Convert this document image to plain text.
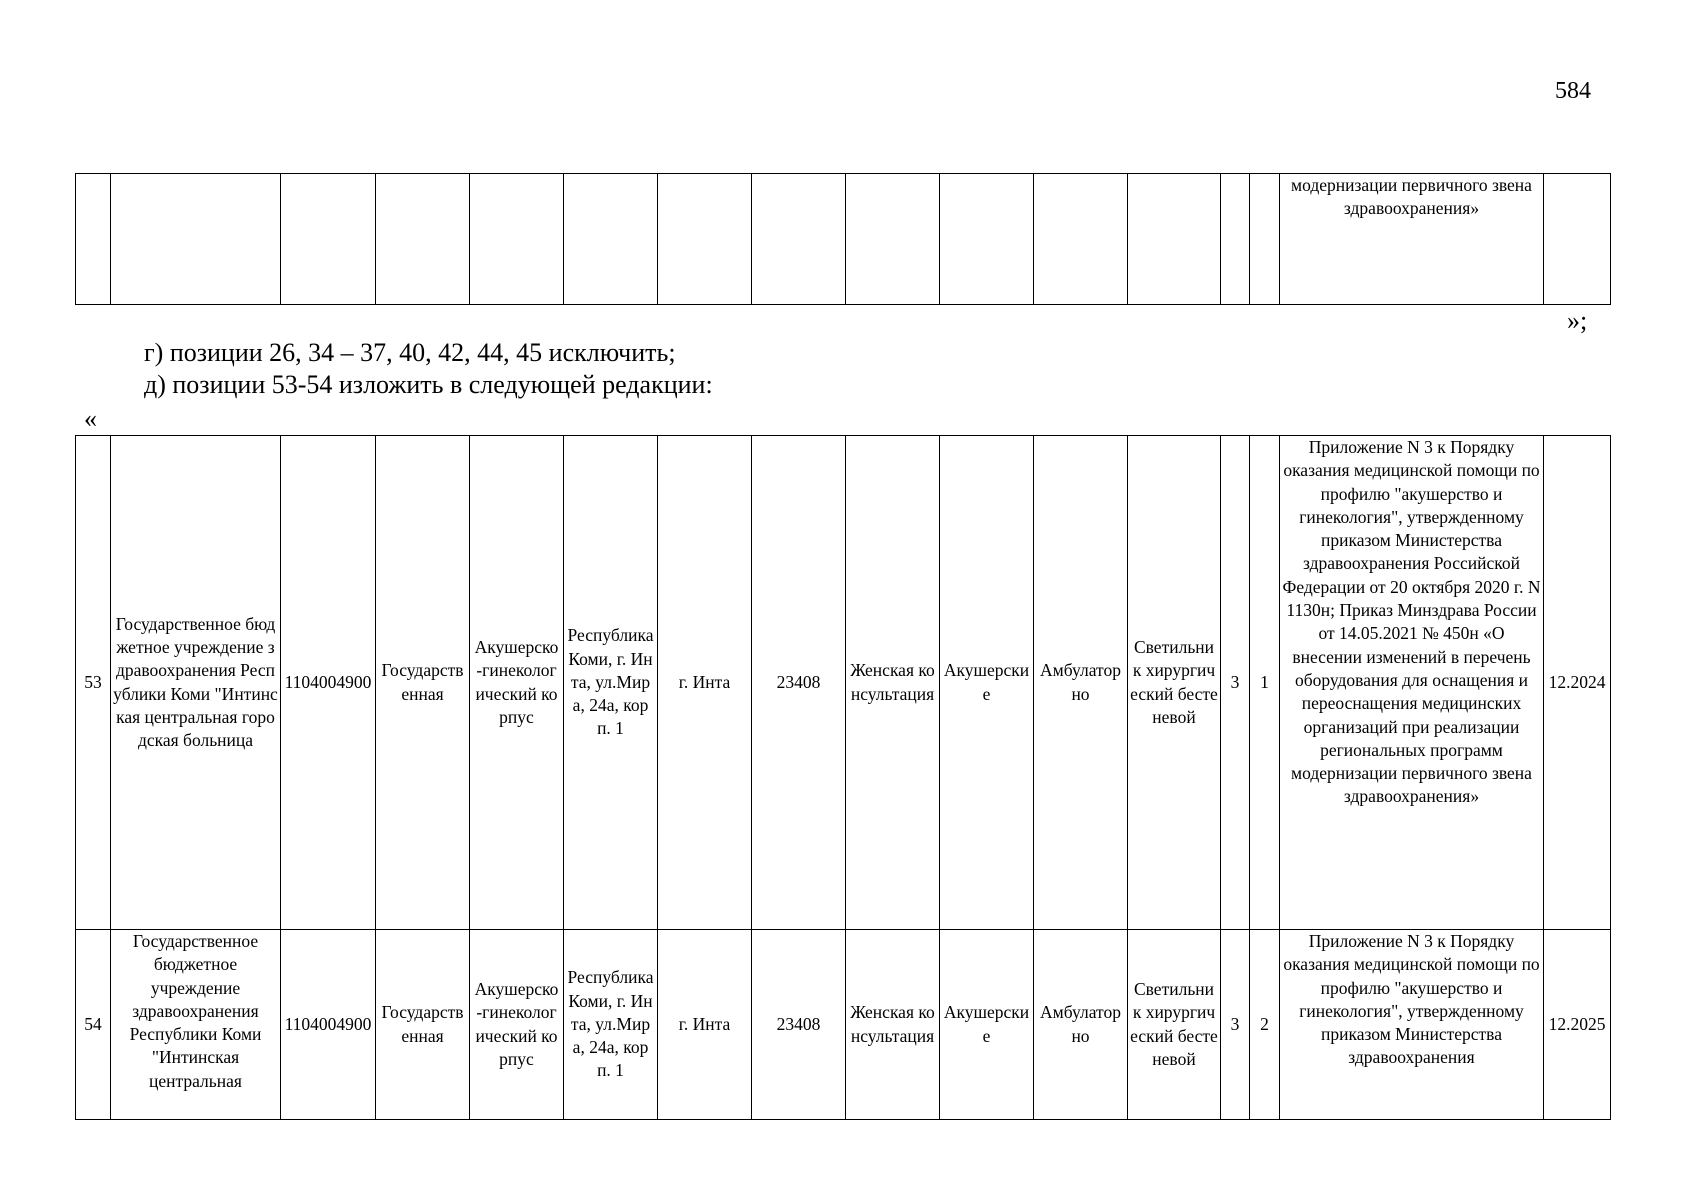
584
														модернизации первичного звена здравоохранения»	
»;
г) позиции 26, 34 – 37, 40, 42, 44, 45 исключить;
д) позиции 53-54 изложить в следующей редакции:
«
53	Государственное бюджетное учреждение здравоохранения Республики Коми "Интинская центральная городская больница	1104004900	Государственная	Акушерско-гинекологический корпус	Республика Коми, г. Инта, ул.Мира, 24а, корп. 1	г. Инта	23408	Женская консультация	Акушерские	Амбулаторно	Светильник хирургический бестеневой	3	1	Приложение N 3 к Порядку оказания медицинской помощи по профилю "акушерство и гинекология", утвержденному приказом Министерства здравоохранения Российской Федерации от 20 октября 2020 г. N 1130н; Приказ Минздрава России от 14.05.2021 № 450н «О внесении изменений в перечень оборудования для оснащения и переоснащения медицинских организаций при реализации региональных программ модернизации первичного звена здравоохранения»	12.2024
54	Государственное бюджетное учреждение здравоохранения Республики Коми "Интинская центральная	1104004900	Государственная	Акушерско-гинекологический корпус	Республика Коми, г. Инта, ул.Мира, 24а, корп. 1	г. Инта	23408	Женская консультация	Акушерские	Амбулаторно	Светильник хирургический бестеневой	3	2	Приложение N 3 к Порядку оказания медицинской помощи по профилю "акушерство и гинекология", утвержденному приказом Министерства здравоохранения	12.2025
